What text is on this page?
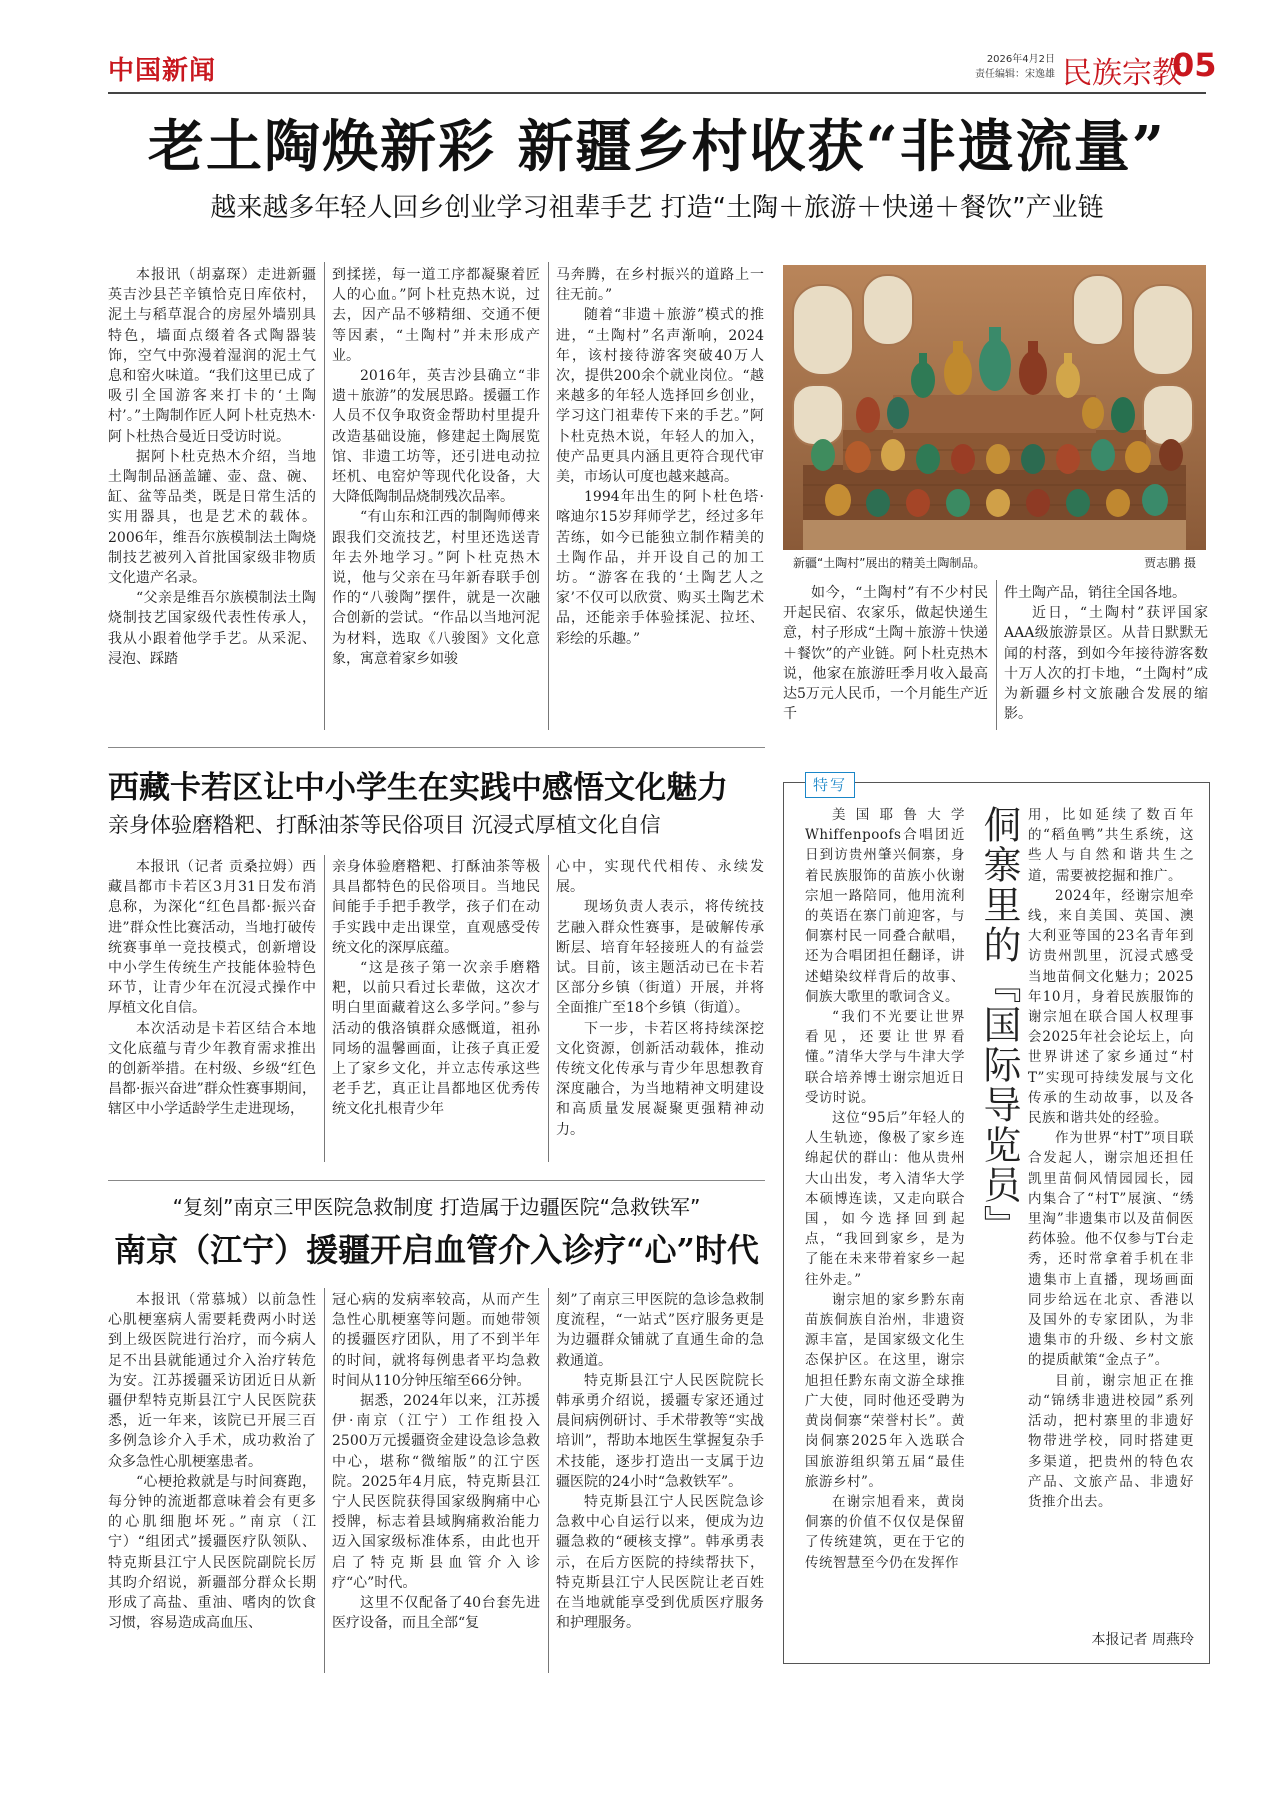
中国新闻	2026年4月2日
责任编辑：宋逸雄 民族宗教
05
老土陶焕新彩 新疆乡村收获“非遗流量”
越来越多年轻人回乡创业学习祖辈手艺 打造“土陶＋旅游＋快递＋餐饮”产业链

本报讯（胡嘉琛）走进新疆英吉沙县芒辛镇恰克日库依村，泥土与稻草混合的房屋外墙别具特色，墙面点缀着各式陶器装饰，空气中弥漫着湿润的泥土气息和窑火味道。“我们这里已成了吸引全国游客来打卡的‘土陶村’。”土陶制作匠人阿卜杜克热木·阿卜杜热合曼近日受访时说。

据阿卜杜克热木介绍，当地土陶制品涵盖罐、壶、盘、碗、缸、盆等品类，既是日常生活的实用器具，也是艺术的载体。2006年，维吾尔族模制法土陶烧制技艺被列入首批国家级非物质文化遗产名录。

“父亲是维吾尔族模制法土陶烧制技艺国家级代表性传承人，我从小跟着他学手艺。从采泥、浸泡、踩踏

到揉搓，每一道工序都凝聚着匠人的心血。”阿卜杜克热木说，过去，因产品不够精细、交通不便等因素，“土陶村”并未形成产业。

2016年，英吉沙县确立“非遗＋旅游”的发展思路。援疆工作人员不仅争取资金帮助村里提升改造基础设施，修建起土陶展览馆、非遗工坊等，还引进电动拉坯机、电窑炉等现代化设备，大大降低陶制品烧制残次品率。

“有山东和江西的制陶师傅来跟我们交流技艺，村里还选送青年去外地学习。”阿卜杜克热木说，他与父亲在马年新春联手创作的“八骏陶”摆件，就是一次融合创新的尝试。“作品以当地河泥为材料，选取《八骏图》文化意象，寓意着家乡如骏

马奔腾，在乡村振兴的道路上一往无前。”

随着“非遗＋旅游”模式的推进，“土陶村”名声渐响，2024年，该村接待游客突破40万人次，提供200余个就业岗位。“越来越多的年轻人选择回乡创业，学习这门祖辈传下来的手艺。”阿卜杜克热木说，年轻人的加入，使产品更具内涵且更符合现代审美，市场认可度也越来越高。

1994年出生的阿卜杜色塔·喀迪尔15岁拜师学艺，经过多年苦练，如今已能独立制作精美的土陶作品，并开设自己的加工坊。“游客在我的‘土陶艺人之家’不仅可以欣赏、购买土陶艺术品，还能亲手体验揉泥、拉坯、彩绘的乐趣。”

新疆“土陶村”展出的精美土陶制品。	贾志鹏 摄

如今，“土陶村”有不少村民开起民宿、农家乐，做起快递生意，村子形成“土陶＋旅游＋快递＋餐饮”的产业链。阿卜杜克热木说，他家在旅游旺季月收入最高达5万元人民币，一个月能生产近千

件土陶产品，销往全国各地。

近日，“土陶村”获评国家AAA级旅游景区。从昔日默默无闻的村落，到如今年接待游客数十万人次的打卡地，“土陶村”成为新疆乡村文旅融合发展的缩影。

西藏卡若区让中小学生在实践中感悟文化魅力
亲身体验磨糌粑、打酥油茶等民俗项目 沉浸式厚植文化自信

本报讯（记者 贡桑拉姆）西藏昌都市卡若区3月31日发布消息称，为深化“红色昌都·振兴奋进”群众性比赛活动，当地打破传统赛事单一竞技模式，创新增设中小学生传统生产技能体验特色环节，让青少年在沉浸式操作中厚植文化自信。

本次活动是卡若区结合本地文化底蕴与青少年教育需求推出的创新举措。在村级、乡级“红色昌都·振兴奋进”群众性赛事期间，辖区中小学适龄学生走进现场，

亲身体验磨糌粑、打酥油茶等极具昌都特色的民俗项目。当地民间能手手把手教学，孩子们在动手实践中走出课堂，直观感受传统文化的深厚底蕴。

“这是孩子第一次亲手磨糌粑，以前只看过长辈做，这次才明白里面藏着这么多学问。”参与活动的俄洛镇群众感慨道，祖孙同场的温馨画面，让孩子真正爱上了家乡文化，并立志传承这些老手艺，真正让昌都地区优秀传统文化扎根青少年

心中，实现代代相传、永续发展。

现场负责人表示，将传统技艺融入群众性赛事，是破解传承断层、培育年轻接班人的有益尝试。目前，该主题活动已在卡若区部分乡镇（街道）开展，并将全面推广至18个乡镇（街道）。

下一步，卡若区将持续深挖文化资源，创新活动载体，推动传统文化传承与青少年思想教育深度融合，为当地精神文明建设和高质量发展凝聚更强精神动力。

“复刻”南京三甲医院急救制度 打造属于边疆医院“急救铁军”
南京（江宁）援疆开启血管介入诊疗“心”时代

本报讯（常慕城）以前急性心肌梗塞病人需要耗费两小时送到上级医院进行治疗，而今病人足不出县就能通过介入治疗转危为安。江苏援疆采访团近日从新疆伊犁特克斯县江宁人民医院获悉，近一年来，该院已开展三百多例急诊介入手术，成功救治了众多急性心肌梗塞患者。

“心梗抢救就是与时间赛跑，每分钟的流逝都意味着会有更多的心肌细胞坏死。”南京（江宁）“组团式”援疆医疗队领队、特克斯县江宁人民医院副院长厉其昀介绍说，新疆部分群众长期形成了高盐、重油、嗜肉的饮食习惯，容易造成高血压、

冠心病的发病率较高，从而产生急性心肌梗塞等问题。而她带领的援疆医疗团队，用了不到半年的时间，就将每例患者平均急救时间从110分钟压缩至66分钟。

据悉，2024年以来，江苏援伊·南京（江宁）工作组投入2500万元援疆资金建设急诊急救中心，堪称“微缩版”的江宁医院。2025年4月底，特克斯县江宁人民医院获得国家级胸痛中心授牌，标志着县域胸痛救治能力迈入国家级标准体系，由此也开启了特克斯县血管介入诊疗“心”时代。

这里不仅配备了40台套先进医疗设备，而且全部“复

刻”了南京三甲医院的急诊急救制度流程，“一站式”医疗服务更是为边疆群众铺就了直通生命的急救通道。

特克斯县江宁人民医院院长韩承勇介绍说，援疆专家还通过晨间病例研讨、手术带教等“实战培训”，帮助本地医生掌握复杂手术技能，逐步打造出一支属于边疆医院的24小时“急救铁军”。

特克斯县江宁人民医院急诊急救中心自运行以来，便成为边疆急救的“硬核支撑”。韩承勇表示，在后方医院的持续帮扶下，特克斯县江宁人民医院让老百姓在当地就能享受到优质医疗服务和护理服务。

特写

美国耶鲁大学Whiffenpoofs合唱团近日到访贵州肇兴侗寨，身着民族服饰的苗族小伙谢宗旭一路陪同，他用流利的英语在寨门前迎客，与侗寨村民一同叠合献唱，还为合唱团担任翻译，讲述蜡染纹样背后的故事、侗族大歌里的歌词含义。

“我们不光要让世界看见，还要让世界看懂。”清华大学与牛津大学联合培养博士谢宗旭近日受访时说。

这位“95后”年轻人的人生轨迹，像极了家乡连绵起伏的群山：他从贵州大山出发，考入清华大学本硕博连读，又走向联合国，如今选择回到起点，“我回到家乡，是为了能在未来带着家乡一起往外走。”

谢宗旭的家乡黔东南苗族侗族自治州，非遗资源丰富，是国家级文化生态保护区。在这里，谢宗旭担任黔东南文游全球推广大使，同时他还受聘为黄岗侗寨“荣誉村长”。黄岗侗寨2025年入选联合国旅游组织第五届“最佳旅游乡村”。

在谢宗旭看来，黄岗侗寨的价值不仅仅是保留了传统建筑，更在于它的传统智慧至今仍在发挥作

侗寨里的『国际导览员』 用，比如延续了数百年的“稻鱼鸭”共生系统，这些人与自然和谐共生之道，需要被挖掘和推广。

2024年，经谢宗旭牵线，来自美国、英国、澳大利亚等国的23名青年到访贵州凯里，沉浸式感受当地苗侗文化魅力；2025年10月，身着民族服饰的谢宗旭在联合国人权理事会2025年社会论坛上，向世界讲述了家乡通过“村T”实现可持续发展与文化传承的生动故事，以及各民族和谐共处的经验。

作为世界“村T”项目联合发起人，谢宗旭还担任凯里苗侗风情园园长，园内集合了“村T”展演、“绣里淘”非遗集市以及苗侗医药体验。他不仅参与T台走秀，还时常拿着手机在非遗集市上直播，现场画面同步给远在北京、香港以及国外的专家团队，为非遗集市的升级、乡村文旅的提质献策“金点子”。

目前，谢宗旭正在推动“锦绣非遗进校园”系列活动，把村寨里的非遗好物带进学校，同时搭建更多渠道，把贵州的特色农产品、文旅产品、非遗好货推介出去。

本报记者 周燕玲
